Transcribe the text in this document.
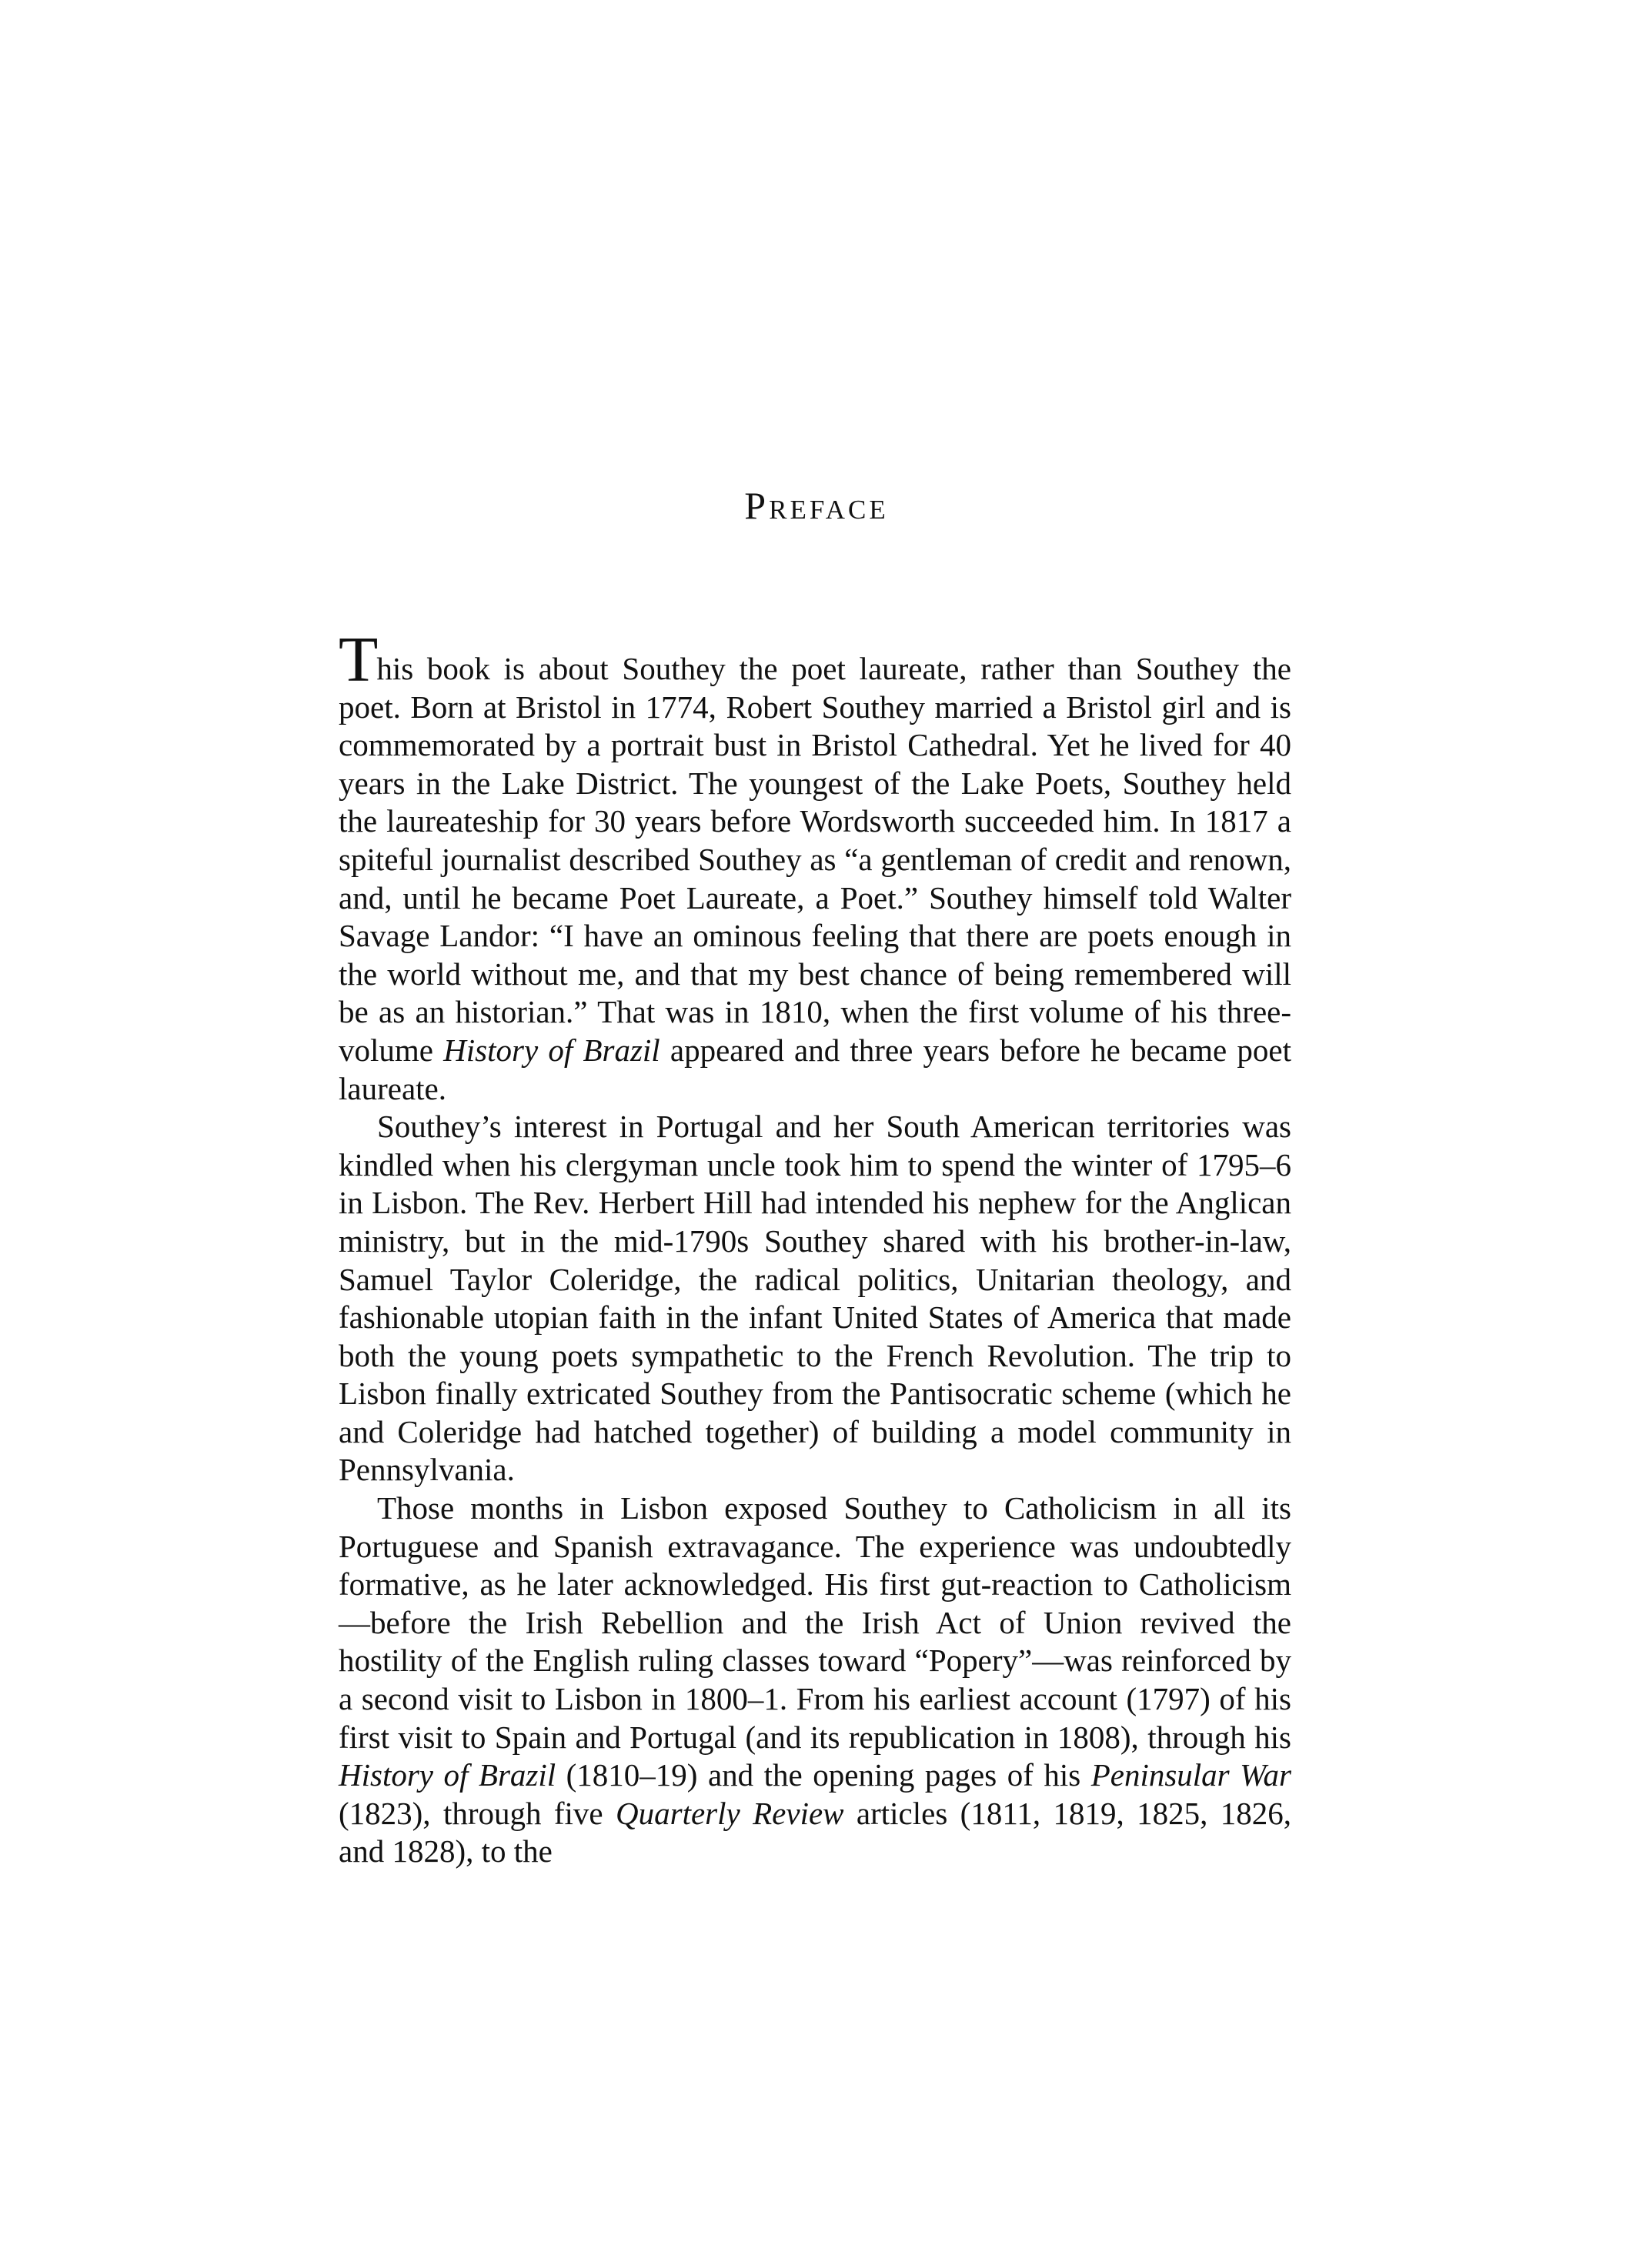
Preface

This book is about Southey the poet laureate, rather than Southey the poet. Born at Bristol in 1774, Robert Southey married a Bristol girl and is commemorated by a portrait bust in Bristol Cathedral. Yet he lived for 40 years in the Lake District. The youngest of the Lake Poets, Southey held the laureateship for 30 years before Wordsworth succeeded him. In 1817 a spiteful journalist described Southey as “a gentleman of credit and renown, and, until he became Poet Laureate, a Poet.” Southey himself told Walter Savage Landor: “I have an ominous feeling that there are poets enough in the world without me, and that my best chance of being remembered will be as an historian.” That was in 1810, when the first volume of his three-volume History of Brazil appeared and three years before he became poet laureate.

Southey’s interest in Portugal and her South American territories was kindled when his clergyman uncle took him to spend the winter of 1795–6 in Lisbon. The Rev. Herbert Hill had intended his nephew for the Anglican ministry, but in the mid-1790s Southey shared with his brother-in-law, Samuel Taylor Coleridge, the radical politics, Unitarian theology, and fashionable utopian faith in the infant United States of America that made both the young poets sympathetic to the French Revolution. The trip to Lisbon finally extricated Southey from the Pantisocratic scheme (which he and Coleridge had hatched together) of building a model community in Pennsylvania.

Those months in Lisbon exposed Southey to Catholicism in all its Portuguese and Spanish extravagance. The experience was undoubtedly formative, as he later acknowledged. His first gut-reaction to Catholicism—before the Irish Rebellion and the Irish Act of Union revived the hostility of the English ruling classes toward “Popery”—was reinforced by a second visit to Lisbon in 1800–1. From his earliest account (1797) of his first visit to Spain and Portugal (and its republication in 1808), through his History of Brazil (1810–19) and the opening pages of his Peninsular War (1823), through five Quarterly Review articles (1811, 1819, 1825, 1826, and 1828), to the
